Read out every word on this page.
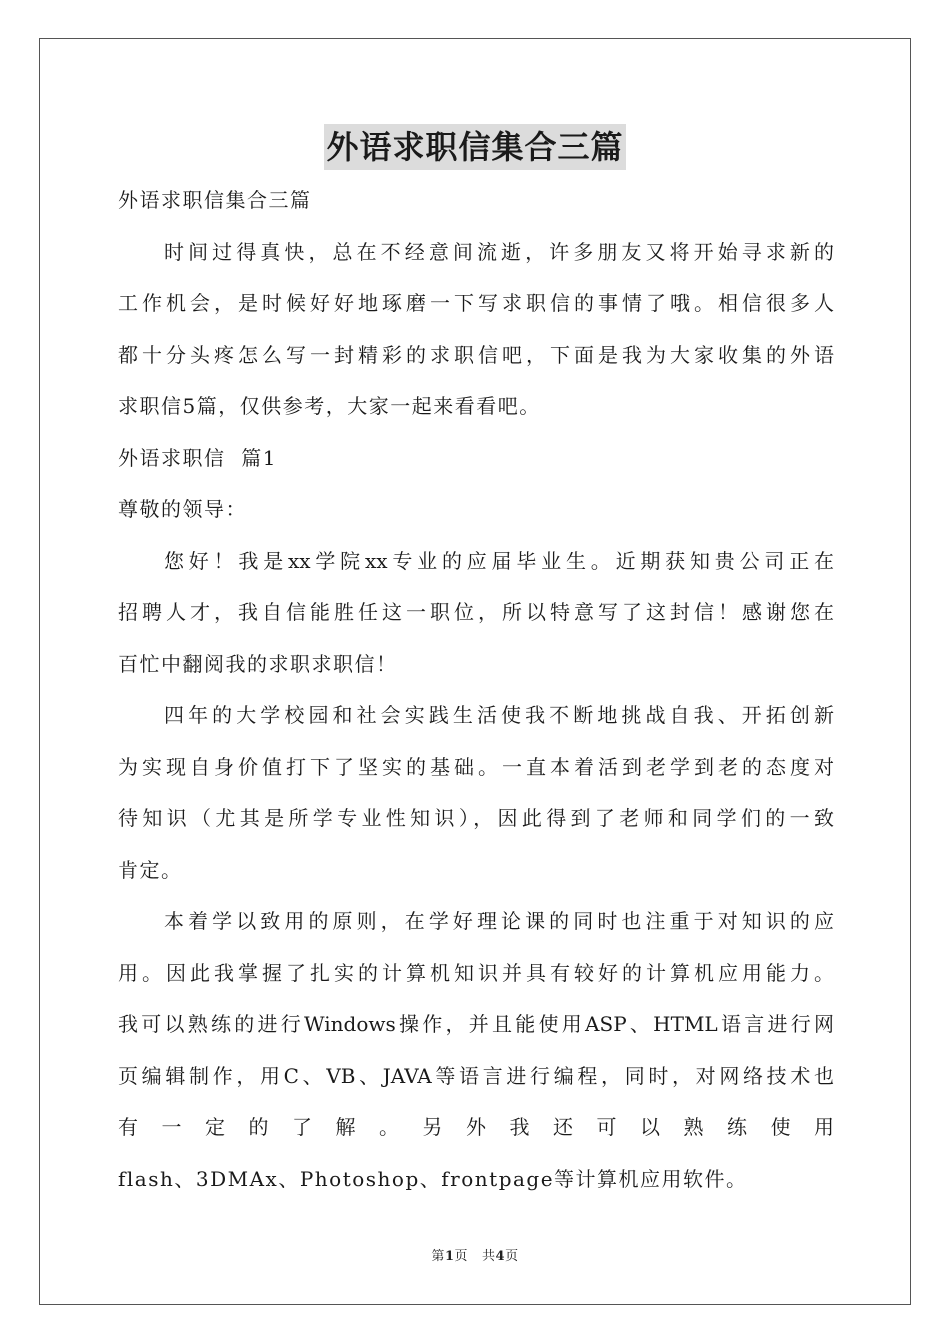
外语求职信集合三篇
外语求职信集合三篇
时间过得真快，总在不经意间流逝，许多朋友又将开始寻求新的
工作机会，是时候好好地琢磨一下写求职信的事情了哦。相信很多人
都十分头疼怎么写一封精彩的求职信吧，下面是我为大家收集的外语
求职信5篇，仅供参考，大家一起来看看吧。
外语求职信  篇1
尊敬的领导：
您好！我是xx学院xx专业的应届毕业生。近期获知贵公司正在
招聘人才，我自信能胜任这一职位，所以特意写了这封信！感谢您在
百忙中翻阅我的求职求职信！
四年的大学校园和社会实践生活使我不断地挑战自我、开拓创新
为实现自身价值打下了坚实的基础。一直本着活到老学到老的态度对
待知识（尤其是所学专业性知识），因此得到了老师和同学们的一致
肯定。
本着学以致用的原则，在学好理论课的同时也注重于对知识的应
用。因此我掌握了扎实的计算机知识并具有较好的计算机应用能力。
我可以熟练的进行Windows操作，并且能使用ASP、HTML语言进行网
页编辑制作，用C、VB、JAVA等语言进行编程，同时，对网络技术也
有 一 定 的 了 解 。 另 外 我 还 可 以 熟 练 使 用
flash、3DMAx、Photoshop、frontpage等计算机应用软件。
第1页 共4页
